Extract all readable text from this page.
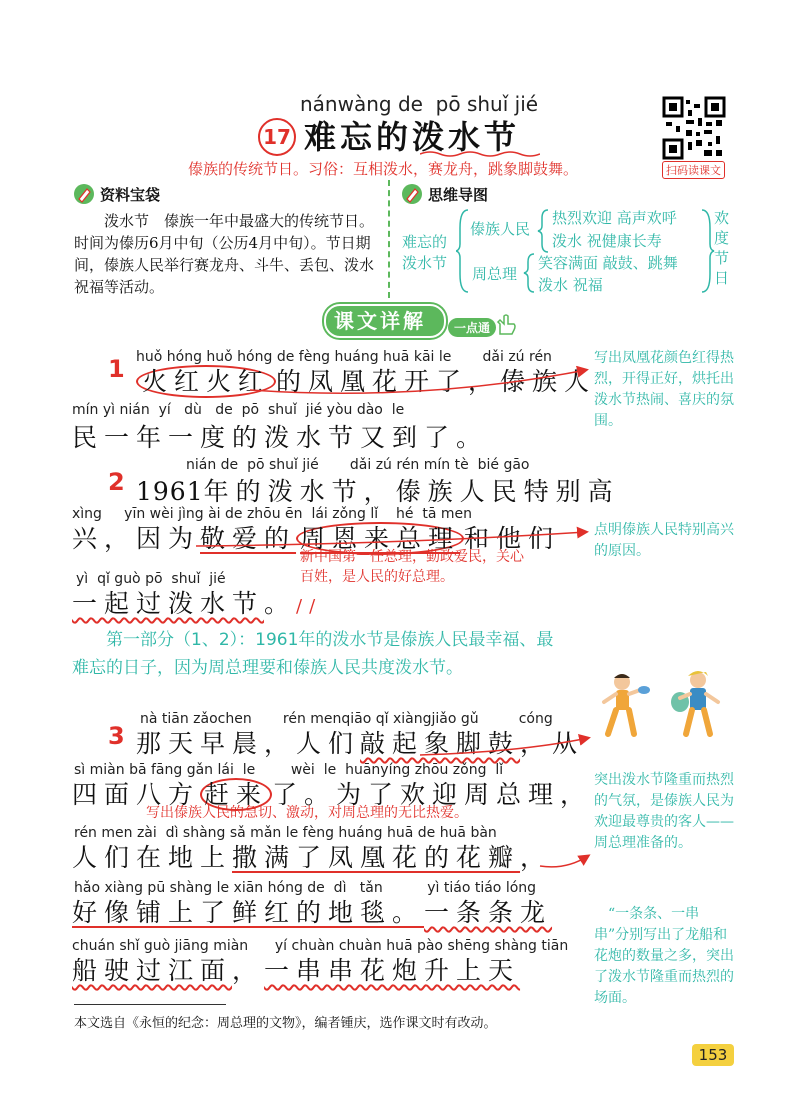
nánwàng de  pō shuǐ jié
17 难忘的泼水节
傣族的传统节日。习俗：互相泼水，赛龙舟，跳象脚鼓舞。	扫码读课文
资料宝袋
泼水节　傣族一年中最盛大的传统节日。时间为傣历6月中旬（公历4月中旬）。节日期间，傣族人民举行赛龙舟、斗牛、丢包、泼水祝福等活动。
思维导图
难忘的泼水节
傣族人民
热烈欢迎 高声欢呼
泼水 祝健康长寿
周总理
笑容满面 敲鼓、跳舞
泼水 祝福
欢度节日
课文详解	一点通
huǒ hóng huǒ hóng de fèng huáng huā kāi le       dǎi zú rén
1 火红火红 的凤凰花开了，傣族人
mín yì nián  yí   dù   de  pō  shuǐ  jié yòu dào  le
民一年一度的泼水节又到了。
nián de  pō shuǐ jié       dǎi zú rén mín tè  bié gāo
2 1961年的泼水节，傣族人民特别高
xìng     yīn wèi jìng ài de zhōu ēn  lái zǒng lǐ    hé  tā men
兴，因为敬爱的 周恩来总理 和他们
新中国第一任总理，勤政爱民，关心百姓，是人民的好总理。
yì  qǐ guò pō  shuǐ  jié
一起过泼水节。//
第一部分（1、2）：1961年的泼水节是傣族人民最幸福、最难忘的日子，因为周总理要和傣族人民共度泼水节。
nà tiān zǎochen       rén menqiāo qǐ xiàngjiǎo gǔ         cóng
3 那天早晨，人们敲起象脚鼓，从
sì miàn bā fāng gǎn lái  le        wèi  le  huānyíng zhōu zǒng  lǐ
四面八方 赶来 了。为了欢迎周总理，
写出傣族人民的急切、激动，对周总理的无比热爱。
rén men zài  dì shàng sǎ mǎn le fèng huáng huā de huā bàn
人们在地上撒满了凤凰花的花瓣，
hǎo xiàng pū shàng le xiān hóng de  dì   tǎn          yì tiáo tiáo lóng
好像铺上了鲜红的地毯。一条条龙
chuán shǐ guò jiāng miàn      yí chuàn chuàn huā pào shēng shàng tiān
船驶过江面，一串串花炮升上天
写出凤凰花颜色红得热烈，开得正好，烘托出泼水节热闹、喜庆的氛围。
点明傣族人民特别高兴的原因。
突出泼水节隆重而热烈的气氛，是傣族人民为欢迎最尊贵的客人——周总理准备的。
“一条条、一串串”分别写出了龙船和花炮的数量之多，突出了泼水节隆重而热烈的场面。
本文选自《永恒的纪念：周总理的文物》，编者锺庆，选作课文时有改动。
153
